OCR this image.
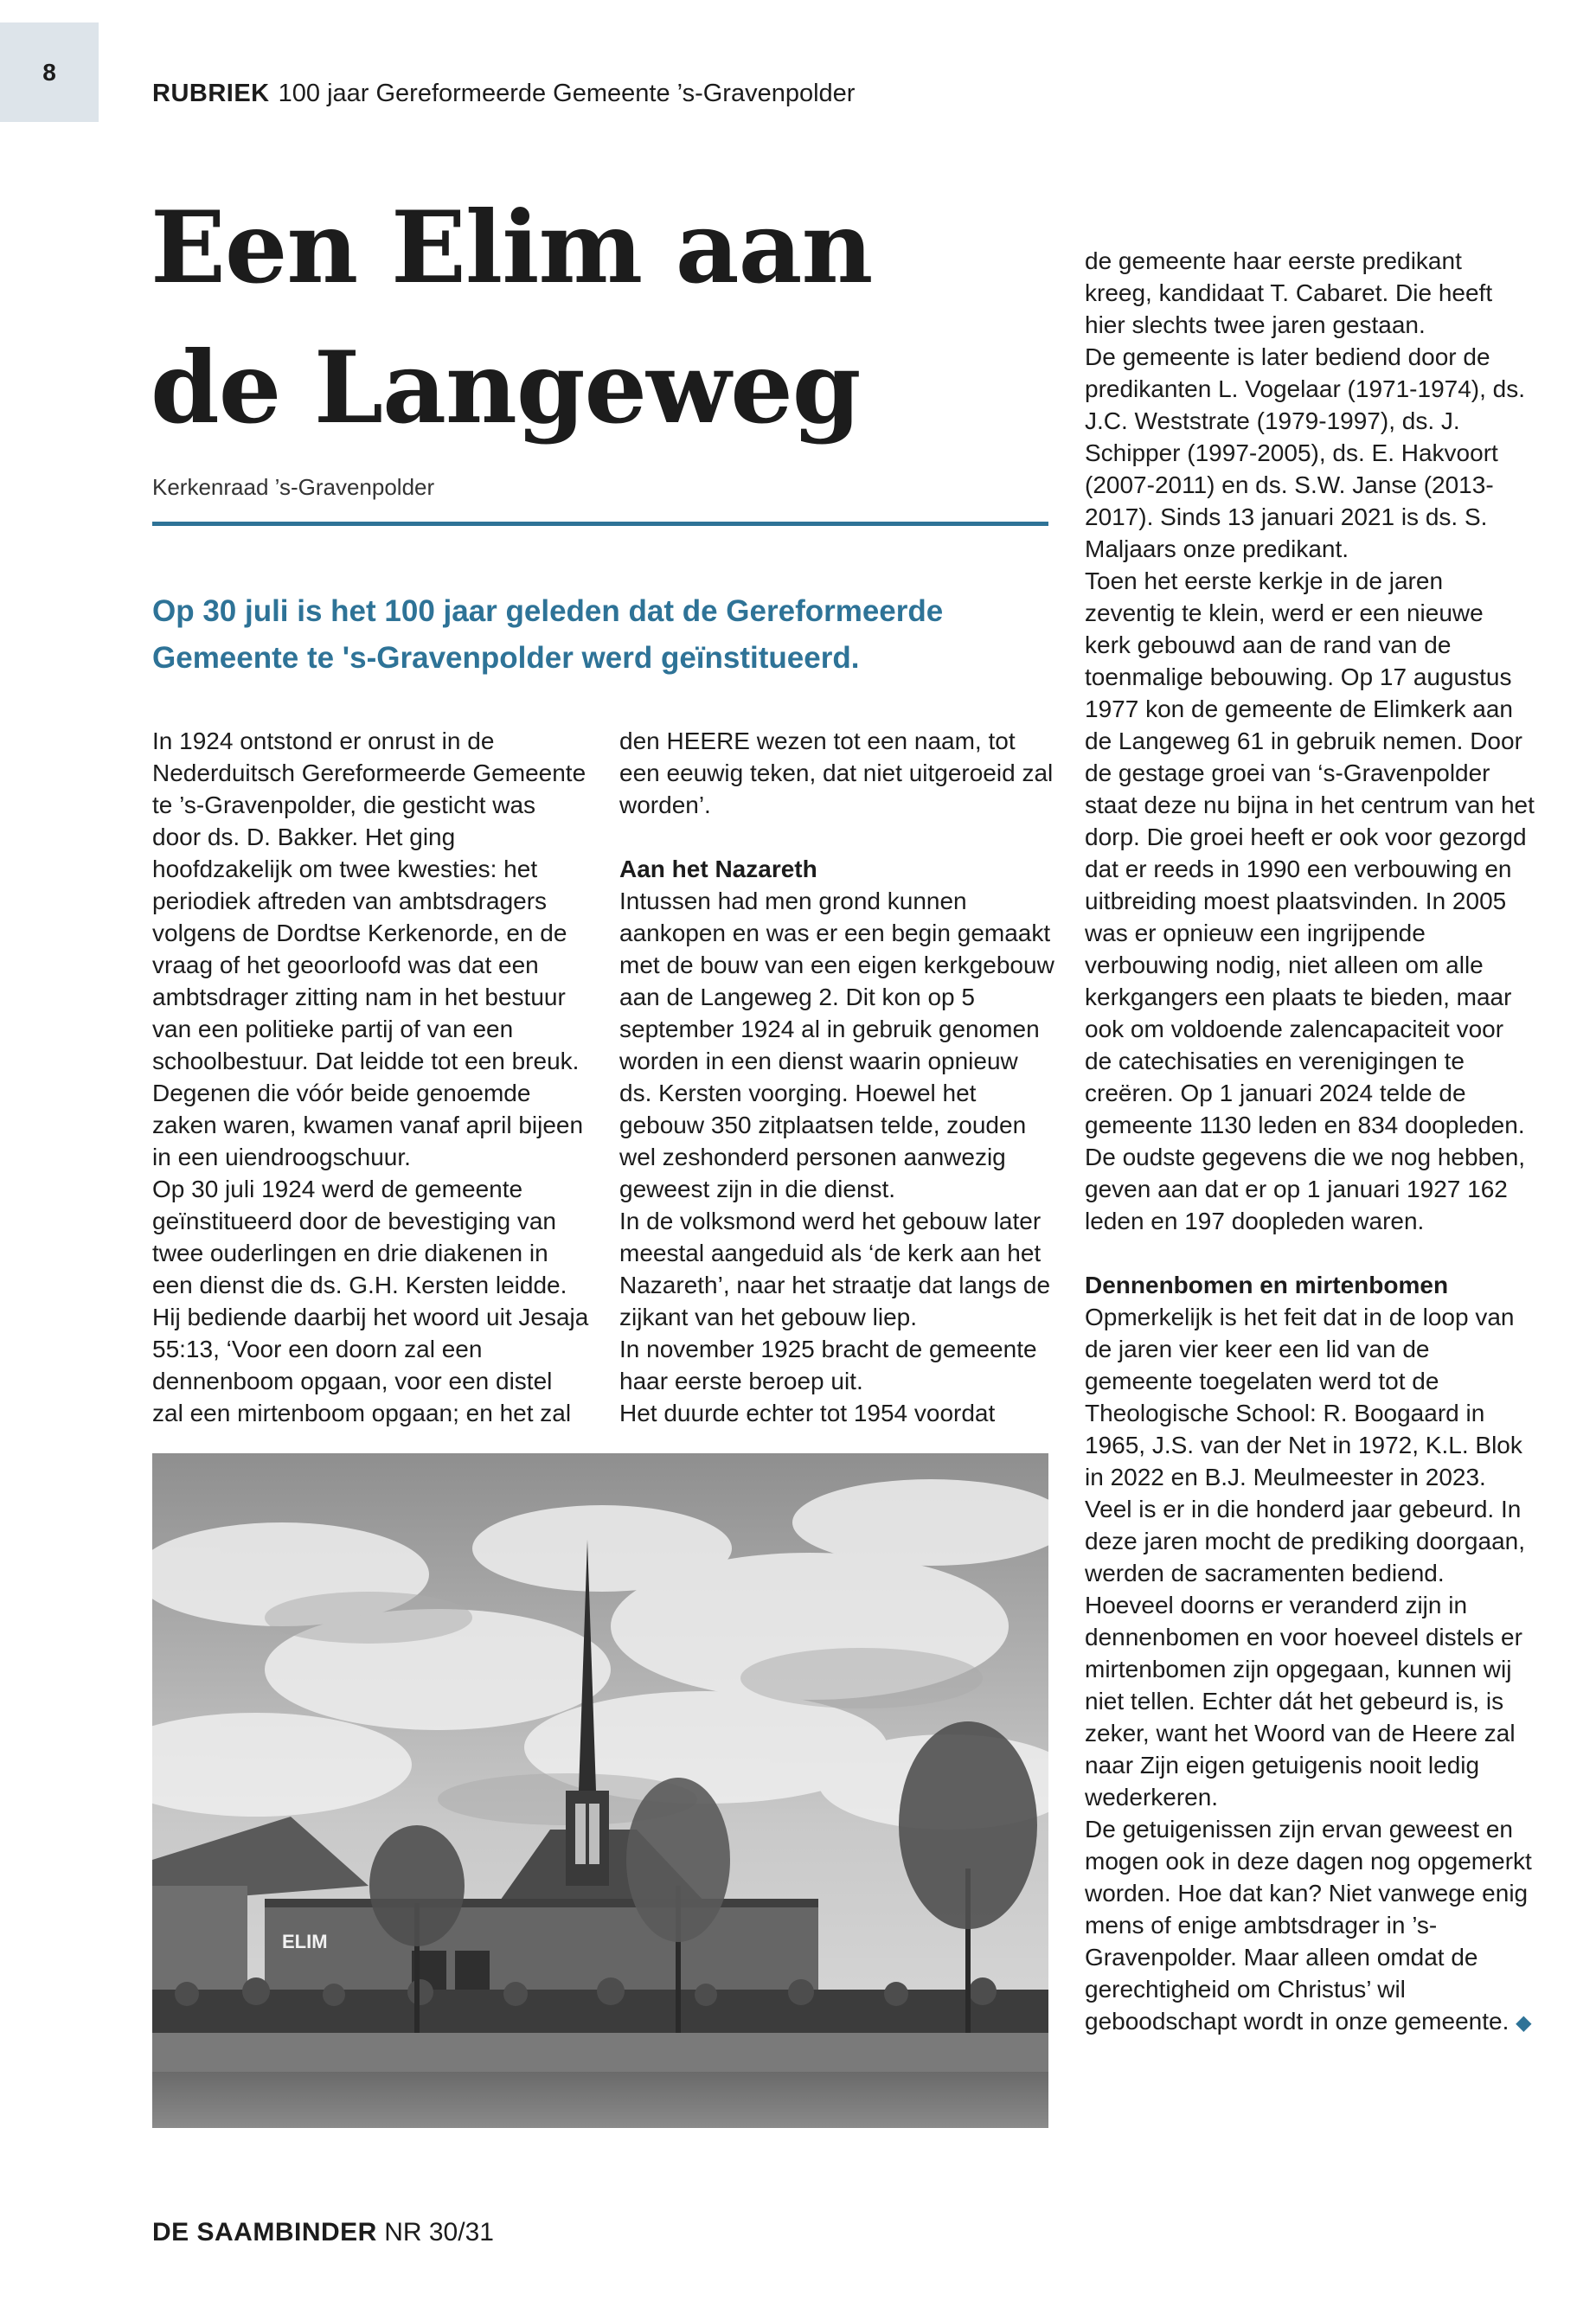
8
RUBRIEK 100 jaar Gereformeerde Gemeente ’s-Gravenpolder
Een Elim aan
de Langeweg
Kerkenraad ’s-Gravenpolder

Op 30 juli is het 100 jaar geleden dat de Gereformeerde Gemeente te 's-Gravenpolder werd geïnstitueerd.

In 1924 ontstond er onrust in de Nederduitsch Gereformeerde Gemeente te ’s-Gravenpolder, die gesticht was door ds. D. Bakker. Het ging hoofdzakelijk om twee kwesties: het periodiek aftreden van ambtsdragers volgens de Dordtse Kerkenorde, en de vraag of het geoorloofd was dat een ambtsdrager zitting nam in het bestuur van een politieke partij of van een schoolbestuur. Dat leidde tot een breuk. Degenen die vóór beide genoemde zaken waren, kwamen vanaf april bijeen in een uiendroogschuur.

Op 30 juli 1924 werd de gemeente geïnstitueerd door de bevestiging van twee ouderlingen en drie diakenen in een dienst die ds. G.H. Kersten leidde. Hij bediende daarbij het woord uit Jesaja 55:13, ‘Voor een doorn zal een dennenboom opgaan, voor een distel zal een mirtenboom opgaan; en het zal

den HEERE wezen tot een naam, tot een eeuwig teken, dat niet uitgeroeid zal worden’.

Aan het Nazareth

Intussen had men grond kunnen aankopen en was er een begin gemaakt met de bouw van een eigen kerkgebouw aan de Langeweg 2. Dit kon op 5 september 1924 al in gebruik genomen worden in een dienst waarin opnieuw ds. Kersten voorging. Hoewel het gebouw 350 zitplaatsen telde, zouden wel zeshonderd personen aanwezig geweest zijn in die dienst.

In de volksmond werd het gebouw later meestal aangeduid als ‘de kerk aan het Nazareth’, naar het straatje dat langs de zijkant van het gebouw liep.

In november 1925 bracht de gemeente haar eerste beroep uit.

Het duurde echter tot 1954 voordat

de gemeente haar eerste predikant kreeg, kandidaat T. Cabaret. Die heeft hier slechts twee jaren gestaan.

De gemeente is later bediend door de predikanten L. Vogelaar (1971-1974), ds. J.C. Weststrate (1979-1997), ds. J. Schipper (1997-2005), ds. E. Hakvoort (2007-2011) en ds. S.W. Janse (2013-2017). Sinds 13 januari 2021 is ds. S. Maljaars onze predikant.

Toen het eerste kerkje in de jaren zeventig te klein, werd er een nieuwe kerk gebouwd aan de rand van de toenmalige bebouwing. Op 17 augustus 1977 kon de gemeente de Elimkerk aan de Langeweg 61 in gebruik nemen. Door de gestage groei van ‘s-Gravenpolder staat deze nu bijna in het centrum van het dorp. Die groei heeft er ook voor gezorgd dat er reeds in 1990 een verbouwing en uitbreiding moest plaatsvinden. In 2005 was er opnieuw een ingrijpende verbouwing nodig, niet alleen om alle kerkgangers een plaats te bieden, maar ook om voldoende zalencapaciteit voor de catechisaties en verenigingen te creëren. Op 1 januari 2024 telde de gemeente 1130 leden en 834 doopleden. De oudste gegevens die we nog hebben, geven aan dat er op 1 januari 1927 162 leden en 197 doopleden waren.

Dennenbomen en mirtenbomen

Opmerkelijk is het feit dat in de loop van de jaren vier keer een lid van de gemeente toegelaten werd tot de Theologische School: R. Boogaard in 1965, J.S. van der Net in 1972, K.L. Blok in 2022 en B.J. Meulmeester in 2023.

Veel is er in die honderd jaar gebeurd. In deze jaren mocht de prediking doorgaan, werden de sacramenten bediend. Hoeveel doorns er veranderd zijn in dennenbomen en voor hoeveel distels er mirtenbomen zijn opgegaan, kunnen wij niet tellen. Echter dát het gebeurd is, is zeker, want het Woord van de Heere zal naar Zijn eigen getuigenis nooit ledig wederkeren.

De getuigenissen zijn ervan geweest en mogen ook in deze dagen nog opgemerkt worden. Hoe dat kan? Niet vanwege enig mens of enige ambtsdrager in ’s-Gravenpolder. Maar alleen omdat de gerechtigheid om Christus’ wil geboodschapt wordt in onze gemeente. ◆

ELIM
DE SAAMBINDER NR 30/31
